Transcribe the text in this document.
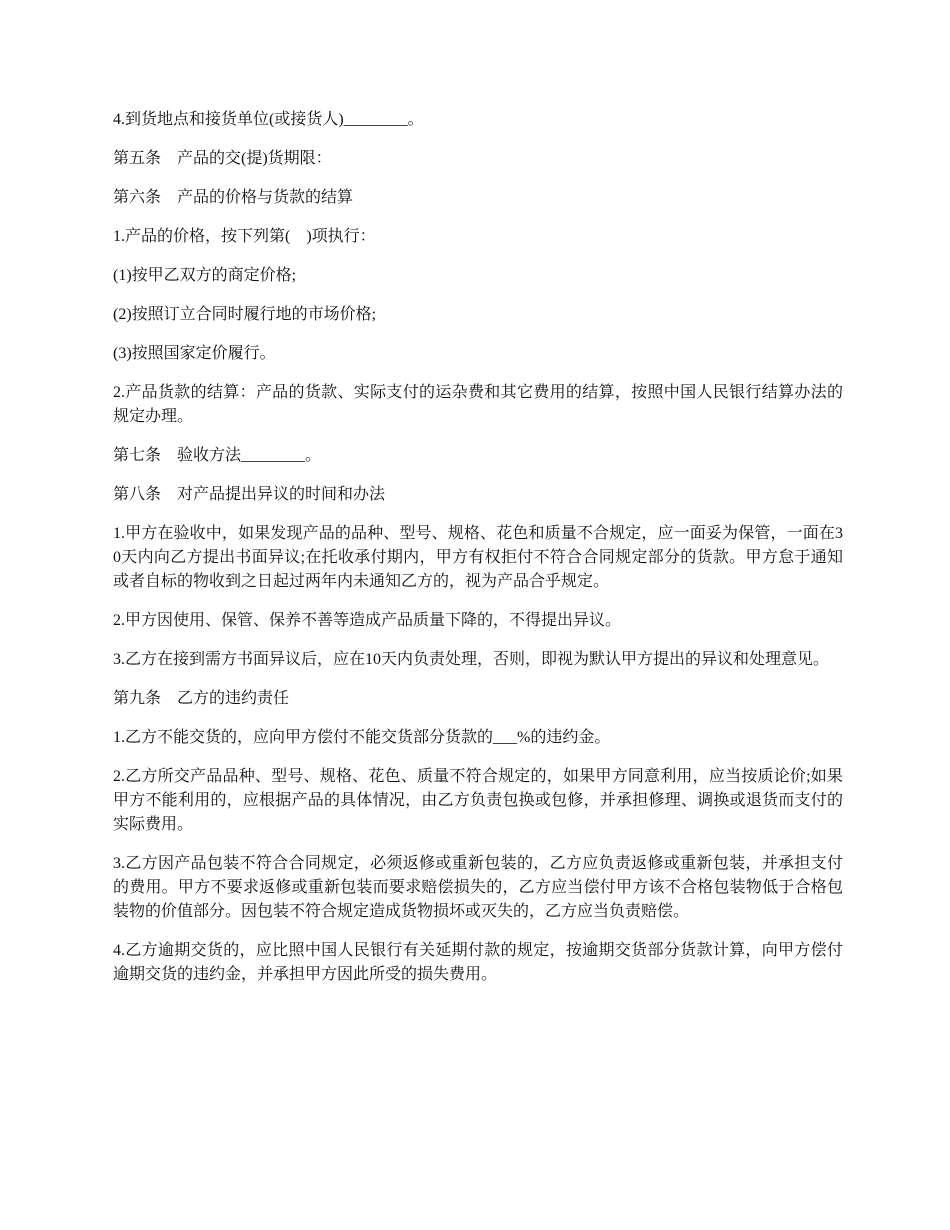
4.到货地点和接货单位(或接货人)________。

第五条　产品的交(提)货期限：

第六条　产品的价格与货款的结算

1.产品的价格，按下列第(　)项执行：

(1)按甲乙双方的商定价格;

(2)按照订立合同时履行地的市场价格;

(3)按照国家定价履行。

2.产品货款的结算：产品的货款、实际支付的运杂费和其它费用的结算，按照中国人民银行结算办法的规定办理。

第七条　验收方法________。

第八条　对产品提出异议的时间和办法

1.甲方在验收中，如果发现产品的品种、型号、规格、花色和质量不合规定，应一面妥为保管，一面在30天内向乙方提出书面异议;在托收承付期内，甲方有权拒付不符合合同规定部分的货款。甲方怠于通知或者自标的物收到之日起过两年内未通知乙方的，视为产品合乎规定。

2.甲方因使用、保管、保养不善等造成产品质量下降的，不得提出异议。

3.乙方在接到需方书面异议后，应在10天内负责处理，否则，即视为默认甲方提出的异议和处理意见。

第九条　乙方的违约责任

1.乙方不能交货的，应向甲方偿付不能交货部分货款的___%的违约金。

2.乙方所交产品品种、型号、规格、花色、质量不符合规定的，如果甲方同意利用，应当按质论价;如果甲方不能利用的，应根据产品的具体情况，由乙方负责包换或包修，并承担修理、调换或退货而支付的实际费用。

3.乙方因产品包装不符合合同规定，必须返修或重新包装的，乙方应负责返修或重新包装，并承担支付的费用。甲方不要求返修或重新包装而要求赔偿损失的，乙方应当偿付甲方该不合格包装物低于合格包装物的价值部分。因包装不符合规定造成货物损坏或灭失的，乙方应当负责赔偿。

4.乙方逾期交货的，应比照中国人民银行有关延期付款的规定，按逾期交货部分货款计算，向甲方偿付逾期交货的违约金，并承担甲方因此所受的损失费用。
